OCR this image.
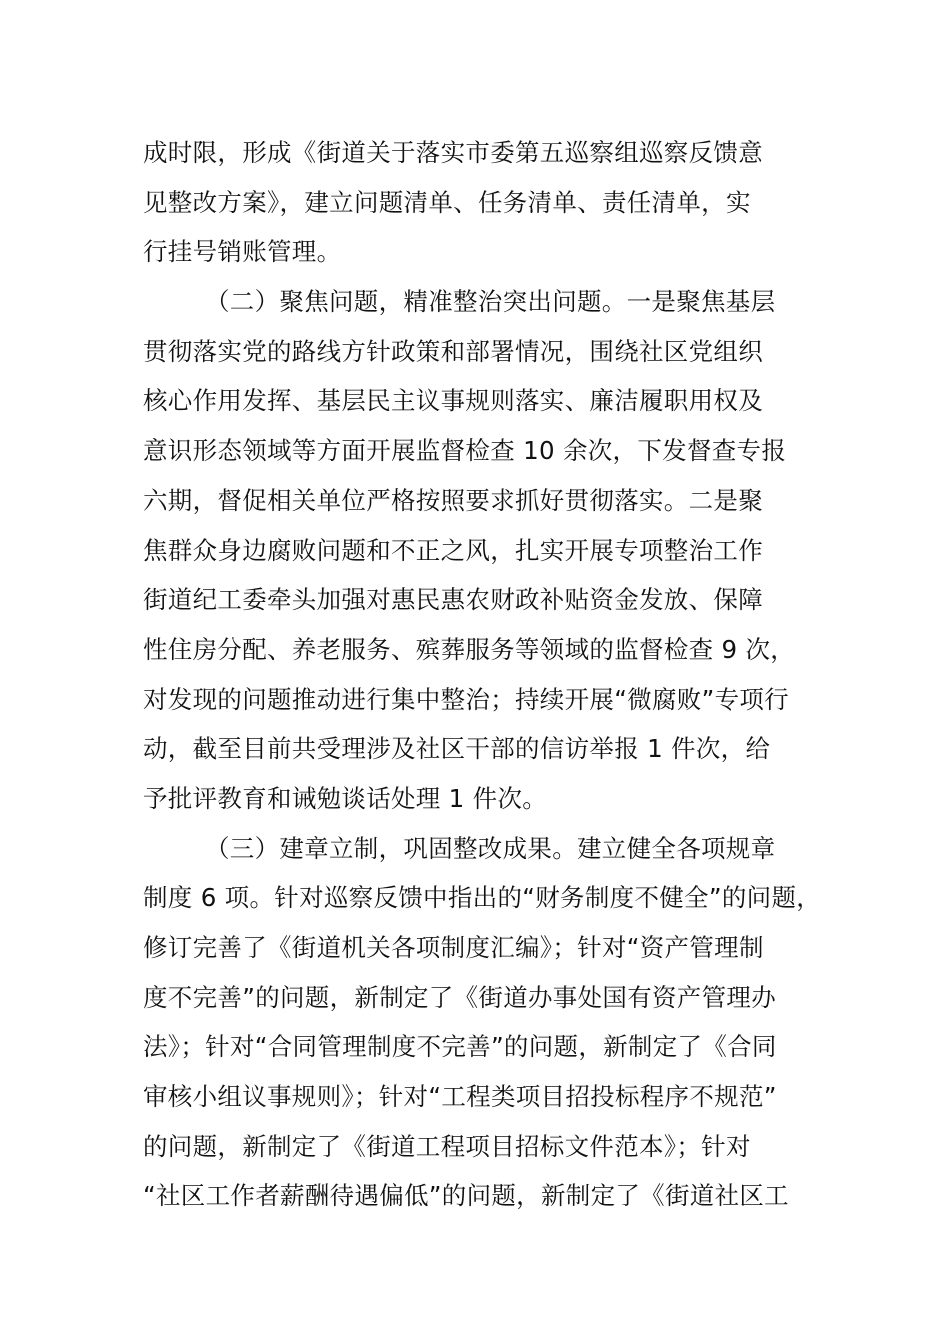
成时限，形成《街道关于落实市委第五巡察组巡察反馈意
见整改方案》，建立问题清单、任务清单、责任清单，实
行挂号销账管理。
（二）聚焦问题，精准整治突出问题。一是聚焦基层
贯彻落实党的路线方针政策和部署情况，围绕社区党组织
核心作用发挥、基层民主议事规则落实、廉洁履职用权及
意识形态领域等方面开展监督检查 10 余次，下发督查专报
六期，督促相关单位严格按照要求抓好贯彻落实。二是聚
焦群众身边腐败问题和不正之风，扎实开展专项整治工作
街道纪工委牵头加强对惠民惠农财政补贴资金发放、保障
性住房分配、养老服务、殡葬服务等领域的监督检查 9 次，
对发现的问题推动进行集中整治；持续开展“微腐败”专项行
动，截至目前共受理涉及社区干部的信访举报 1 件次，给
予批评教育和诫勉谈话处理 1 件次。
（三）建章立制，巩固整改成果。建立健全各项规章
制度 6 项。针对巡察反馈中指出的“财务制度不健全”的问题，
修订完善了《街道机关各项制度汇编》；针对“资产管理制
度不完善”的问题，新制定了《街道办事处国有资产管理办
法》；针对“合同管理制度不完善”的问题，新制定了《合同
审核小组议事规则》；针对“工程类项目招投标程序不规范”
的问题，新制定了《街道工程项目招标文件范本》；针对
“社区工作者薪酬待遇偏低”的问题，新制定了《街道社区工
